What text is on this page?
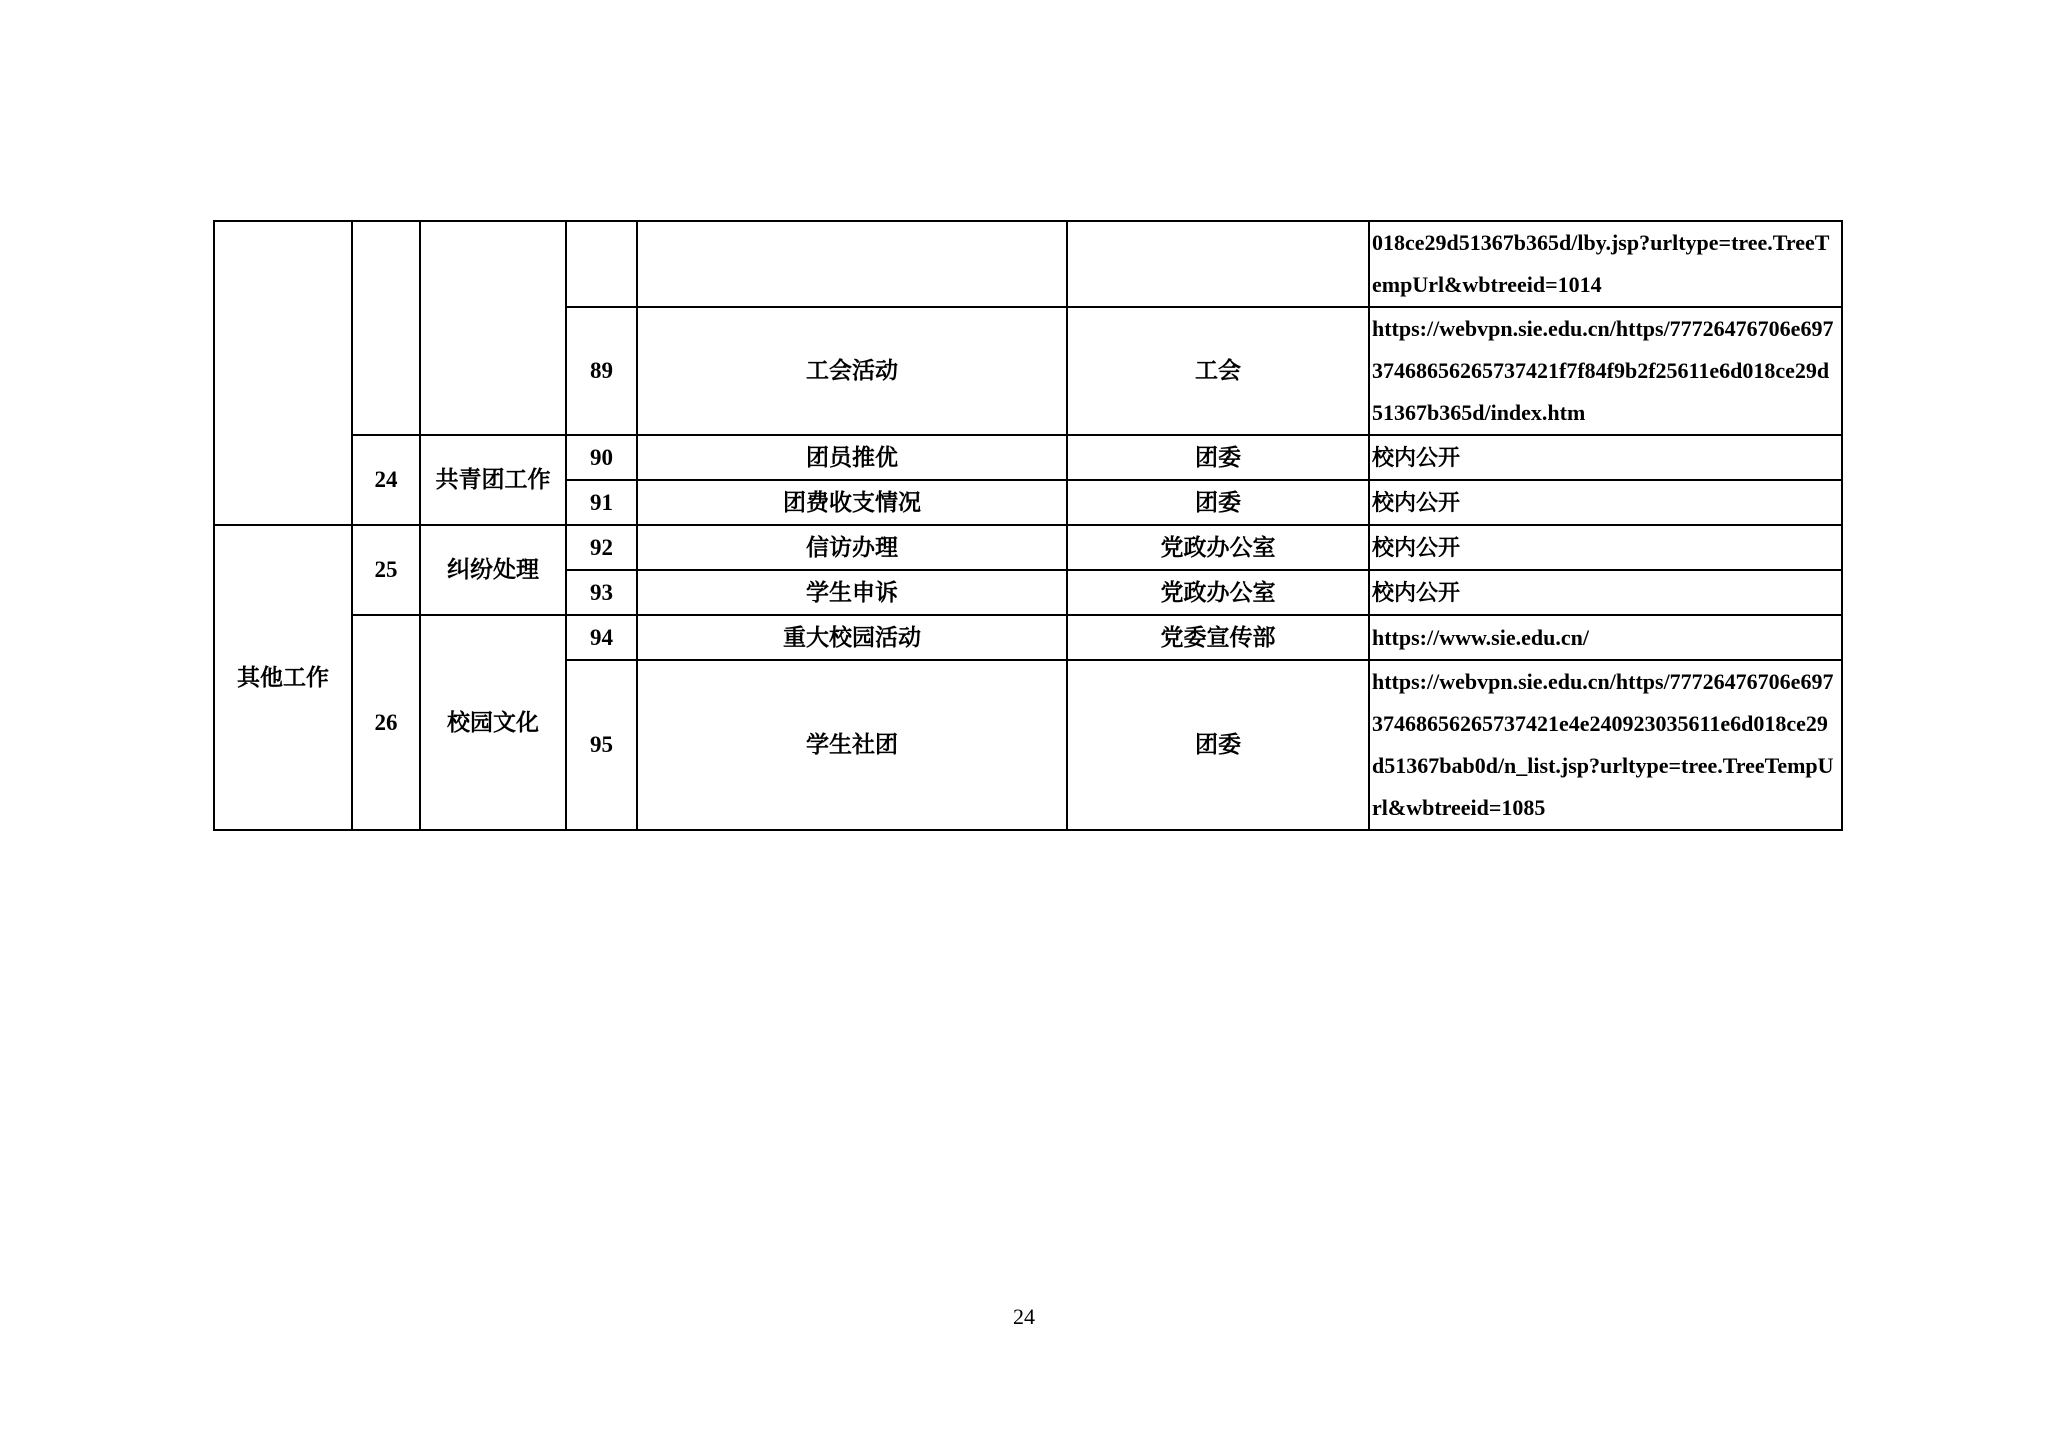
						018ce29d51367b365d/lby.jsp?urltype=tree.TreeTempUrl&wbtreeid=1014
			89	工会活动	工会	https://webvpn.sie.edu.cn/https/77726476706e69737468656265737421f7f84f9b2f25611e6d018ce29d51367b365d/index.htm
	24	共青团工作	90	团员推优	团委	校内公开
			91	团费收支情况	团委	校内公开
其他工作	25	纠纷处理	92	信访办理	党政办公室	校内公开
			93	学生申诉	党政办公室	校内公开
	26	校园文化	94	重大校园活动	党委宣传部	https://www.sie.edu.cn/
			95	学生社团	团委	https://webvpn.sie.edu.cn/https/77726476706e69737468656265737421e4e240923035611e6d018ce29d51367bab0d/n_list.jsp?urltype=tree.TreeTempUrl&wbtreeid=1085
24
